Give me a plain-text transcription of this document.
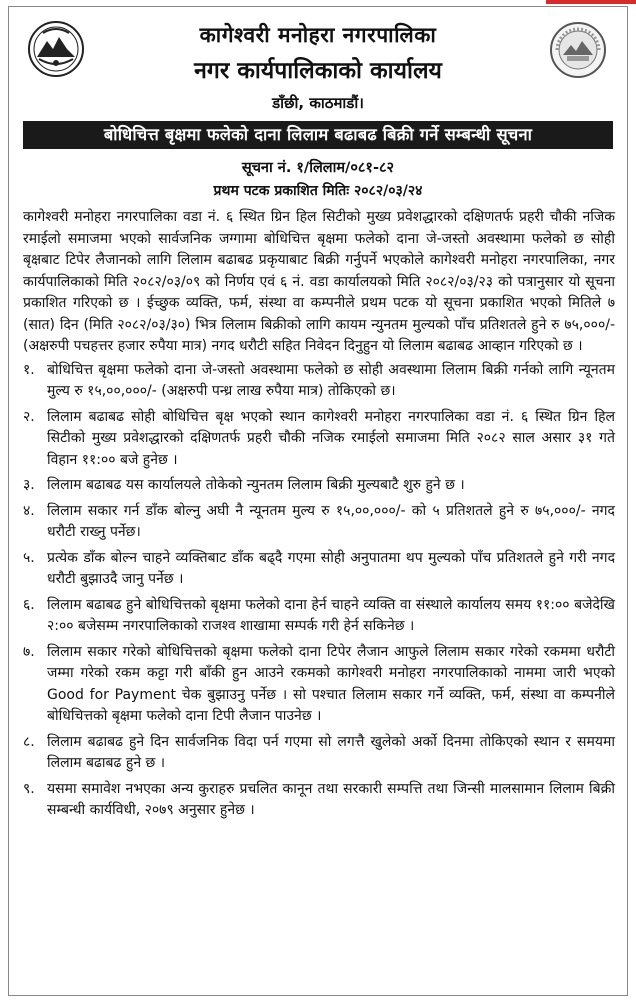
कागेश्वरी मनोहरा नगरपालिका
नगर कार्यपालिकाको कार्यालय
डाँछी, काठमाडौं।
बोधिचित्त बृक्षमा फलेको दाना लिलाम बढाबढ बिक्री गर्ने सम्बन्धी सूचना
सूचना नं. १/लिलाम/०८१-८२
प्रथम पटक प्रकाशित मितिः २०८२/०३/२४

कागेश्वरी मनोहरा नगरपालिका वडा नं. ६ स्थित ग्रिन हिल सिटीको मुख्य प्रवेशद्धारको दक्षिणतर्फ प्रहरी चौकी नजिक रमाईलो समाजमा भएको सार्वजनिक जग्गामा बोधिचित्त बृक्षमा फलेको दाना जे-जस्तो अवस्थामा फलेको छ सोही बृक्षबाट टिपेर लैजानको लागि लिलाम बढाबढ प्रकृयाबाट बिक्री गर्नुपर्ने भएकोले कागेश्वरी मनोहरा नगरपालिका, नगर कार्यपालिकाको मिति २०८२/०३/०९ को निर्णय एवं ६ नं. वडा कार्यालयको मिति २०८२/०३/२३ को पत्रानुसार यो सूचना प्रकाशित गरिएको छ । ईच्छुक व्यक्ति, फर्म, संस्था वा कम्पनीले प्रथम पटक यो सूचना प्रकाशित भएको मितिले ७ (सात) दिन (मिति २०८२/०३/३०) भित्र लिलाम बिक्रीको लागि कायम न्युनतम मुल्यको पाँच प्रतिशतले हुने रु ७५,०००/- (अक्षरुपी पचहत्तर हजार रुपैया मात्र) नगद धरौटी सहित निवेदन दिनुहुन यो लिलाम बढाबढ आव्हान गरिएको छ ।

१. बोधिचित्त बृक्षमा फलेको दाना जे-जस्तो अवस्थामा फलेको छ सोही अवस्थामा लिलाम बिक्री गर्नको लागि न्यूनतम मुल्य रु १५,००,०००/- (अक्षरुपी पन्ध्र लाख रुपैया मात्र) तोकिएको छ।
२. लिलाम बढाबढ सोही बोधिचित्त बृक्ष भएको स्थान कागेश्वरी मनोहरा नगरपालिका वडा नं. ६ स्थित ग्रिन हिल सिटीको मुख्य प्रवेशद्धारको दक्षिणतर्फ प्रहरी चौकी नजिक रमाईलो समाजमा मिति २०८२ साल असार ३१ गते विहान ११:०० बजे हुनेछ ।
३. लिलाम बढाबढ यस कार्यालयले तोकेको न्युनतम लिलाम बिक्री मुल्यबाटै शुरु हुने छ ।
४. लिलाम सकार गर्न डाँक बोल्नु अघी नै न्यूनतम मुल्य रु १५,००,०००/- को ५ प्रतिशतले हुने रु ७५,०००/- नगद धरौटी राख्नु पर्नेछ।
५. प्रत्येक डाँक बोल्न चाहने व्यक्तिबाट डाँक बढ्दै गएमा सोही अनुपातमा थप मुल्यको पाँच प्रतिशतले हुने गरी नगद धरौटी बुझाउदै जानु पर्नेछ ।
६. लिलाम बढाबढ हुने बोधिचित्तको बृक्षमा फलेको दाना हेर्न चाहने व्यक्ति वा संस्थाले कार्यालय समय ११:०० बजेदेखि २:०० बजेसम्म नगरपालिकाको राजश्व शाखामा सम्पर्क गरी हेर्न सकिनेछ ।
७. लिलाम सकार गरेको बोधिचित्तको बृक्षमा फलेको दाना टिपेर लैजान आफुले लिलाम सकार गरेको रकममा धरौटी जम्मा गरेको रकम कट्टा गरी बाँकी हुन आउने रकमको कागेश्वरी मनोहरा नगरपालिकाको नाममा जारी भएको Good for Payment चेक बुझाउनु पर्नेछ । सो पश्चात लिलाम सकार गर्ने व्यक्ति, फर्म, संस्था वा कम्पनीले बोधिचित्तको बृक्षमा फलेको दाना टिपी लैजान पाउनेछ ।
८. लिलाम बढाबढ हुने दिन सार्वजनिक विदा पर्न गएमा सो लगत्तै खुलेको अर्को दिनमा तोकिएको स्थान र समयमा लिलाम बढाबढ हुने छ ।
९. यसमा समावेश नभएका अन्य कुराहरु प्रचलित कानून तथा सरकारी सम्पत्ति तथा जिन्सी मालसामान लिलाम बिक्री सम्बन्धी कार्यविधी, २०७९ अनुसार हुनेछ ।
